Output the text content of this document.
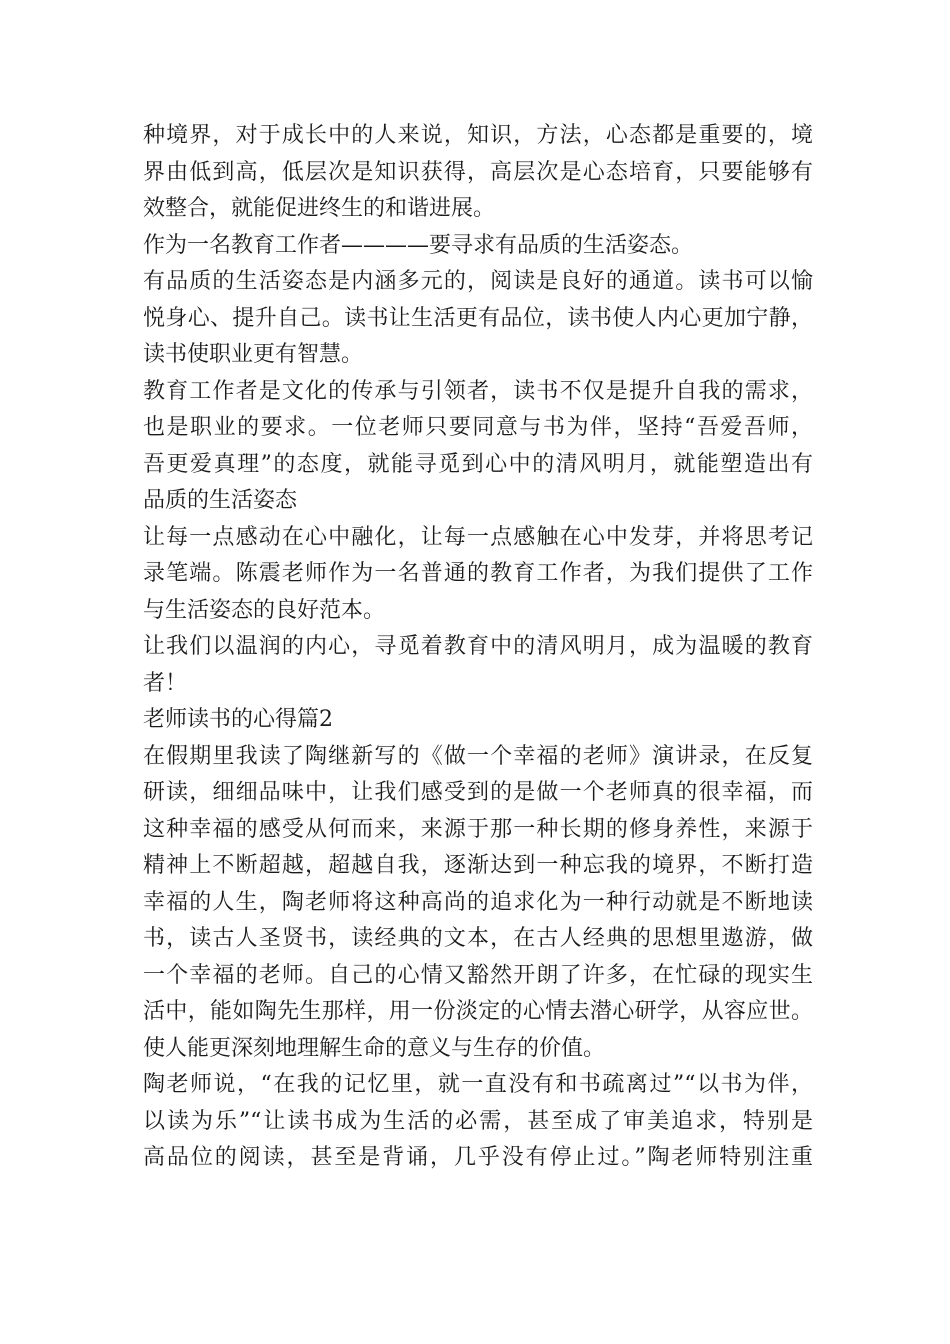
种境界，对于成长中的人来说，知识，方法，心态都是重要的，境
界由低到高，低层次是知识获得，高层次是心态培育，只要能够有
效整合，就能促进终生的和谐进展。
作为一名教育工作者————要寻求有品质的生活姿态。
有品质的生活姿态是内涵多元的，阅读是良好的通道。读书可以愉
悦身心、提升自己。读书让生活更有品位，读书使人内心更加宁静，
读书使职业更有智慧。
教育工作者是文化的传承与引领者，读书不仅是提升自我的需求，
也是职业的要求。一位老师只要同意与书为伴，坚持“吾爱吾师，
吾更爱真理”的态度，就能寻觅到心中的清风明月，就能塑造出有
品质的生活姿态
让每一点感动在心中融化，让每一点感触在心中发芽，并将思考记
录笔端。陈震老师作为一名普通的教育工作者，为我们提供了工作
与生活姿态的良好范本。
让我们以温润的内心，寻觅着教育中的清风明月，成为温暖的教育
者！
老师读书的心得篇2
在假期里我读了陶继新写的《做一个幸福的老师》演讲录，在反复
研读，细细品味中，让我们感受到的是做一个老师真的很幸福，而
这种幸福的感受从何而来，来源于那一种长期的修身养性，来源于
精神上不断超越，超越自我，逐渐达到一种忘我的境界，不断打造
幸福的人生，陶老师将这种高尚的追求化为一种行动就是不断地读
书，读古人圣贤书，读经典的文本，在古人经典的思想里遨游，做
一个幸福的老师。自己的心情又豁然开朗了许多，在忙碌的现实生
活中，能如陶先生那样，用一份淡定的心情去潜心研学，从容应世。
使人能更深刻地理解生命的意义与生存的价值。
陶老师说，“在我的记忆里，就一直没有和书疏离过”“以书为伴，
以读为乐”“让读书成为生活的必需，甚至成了审美追求，特别是
高品位的阅读，甚至是背诵，几乎没有停止过。”陶老师特别注重
